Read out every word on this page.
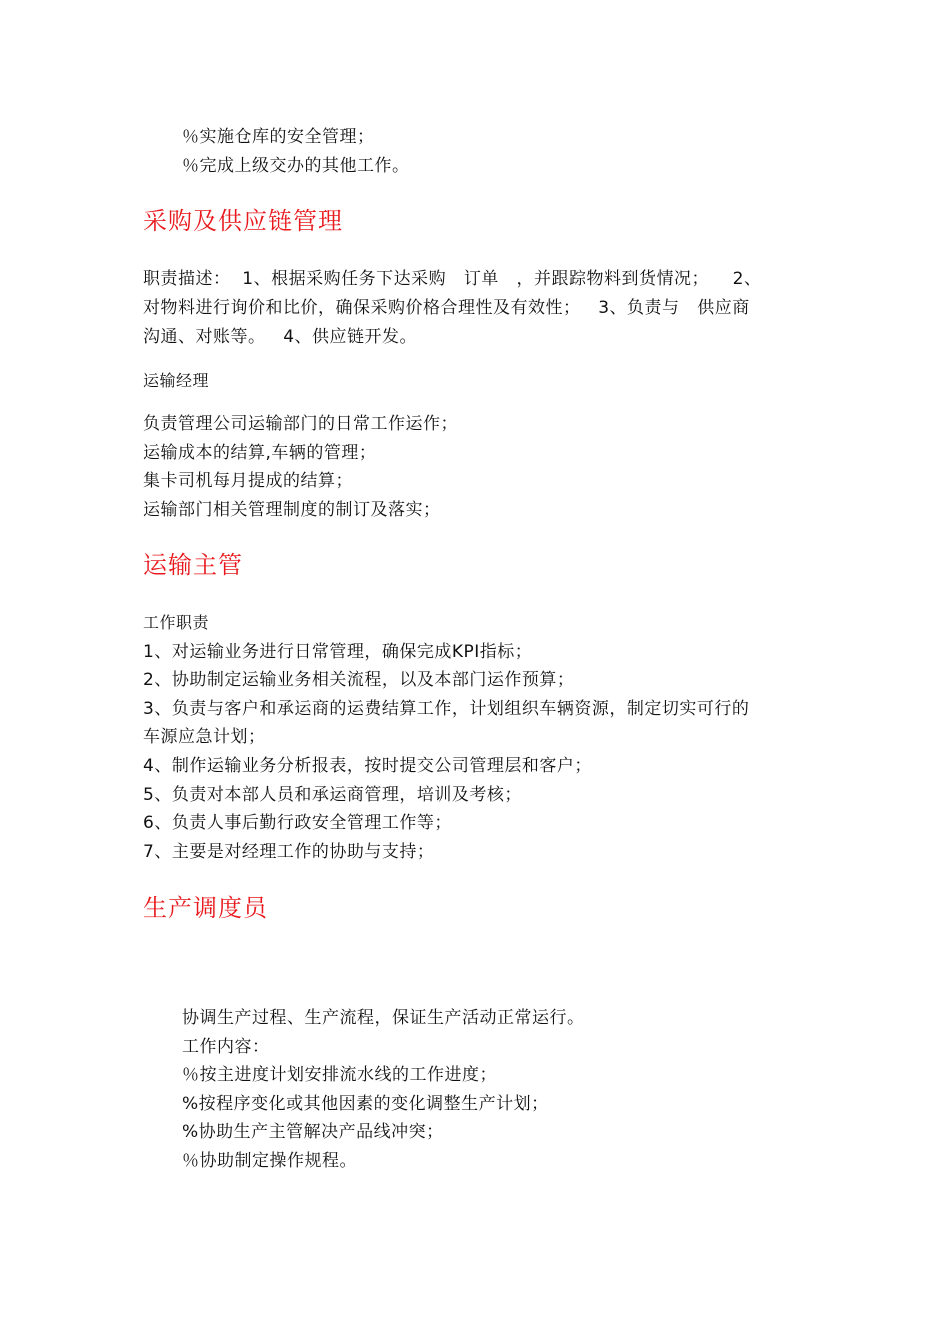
％实施仓库的安全管理；
％完成上级交办的其他工作。
采购及供应链管理
职责描述：  1、根据采购任务下达采购   订单   ，并跟踪物料到货情况；    2、
对物料进行询价和比价，确保采购价格合理性及有效性；   3、负责与   供应商
沟通、对账等。   4、供应链开发。
运输经理
负责管理公司运输部门的日常工作运作；
运输成本的结算,车辆的管理；
集卡司机每月提成的结算；
运输部门相关管理制度的制订及落实；
运输主管
工作职责
1、对运输业务进行日常管理，确保完成KPI指标；
2、协助制定运输业务相关流程，以及本部门运作预算；
3、负责与客户和承运商的运费结算工作，计划组织车辆资源，制定切实可行的
车源应急计划；
4、制作运输业务分析报表，按时提交公司管理层和客户；
5、负责对本部人员和承运商管理，培训及考核；
6、负责人事后勤行政安全管理工作等；
7、主要是对经理工作的协助与支持；
生产调度员
协调生产过程、生产流程，保证生产活动正常运行。
工作内容：
％按主进度计划安排流水线的工作进度；
%按程序变化或其他因素的变化调整生产计划；
%协助生产主管解决产品线冲突；
％协助制定操作规程。
